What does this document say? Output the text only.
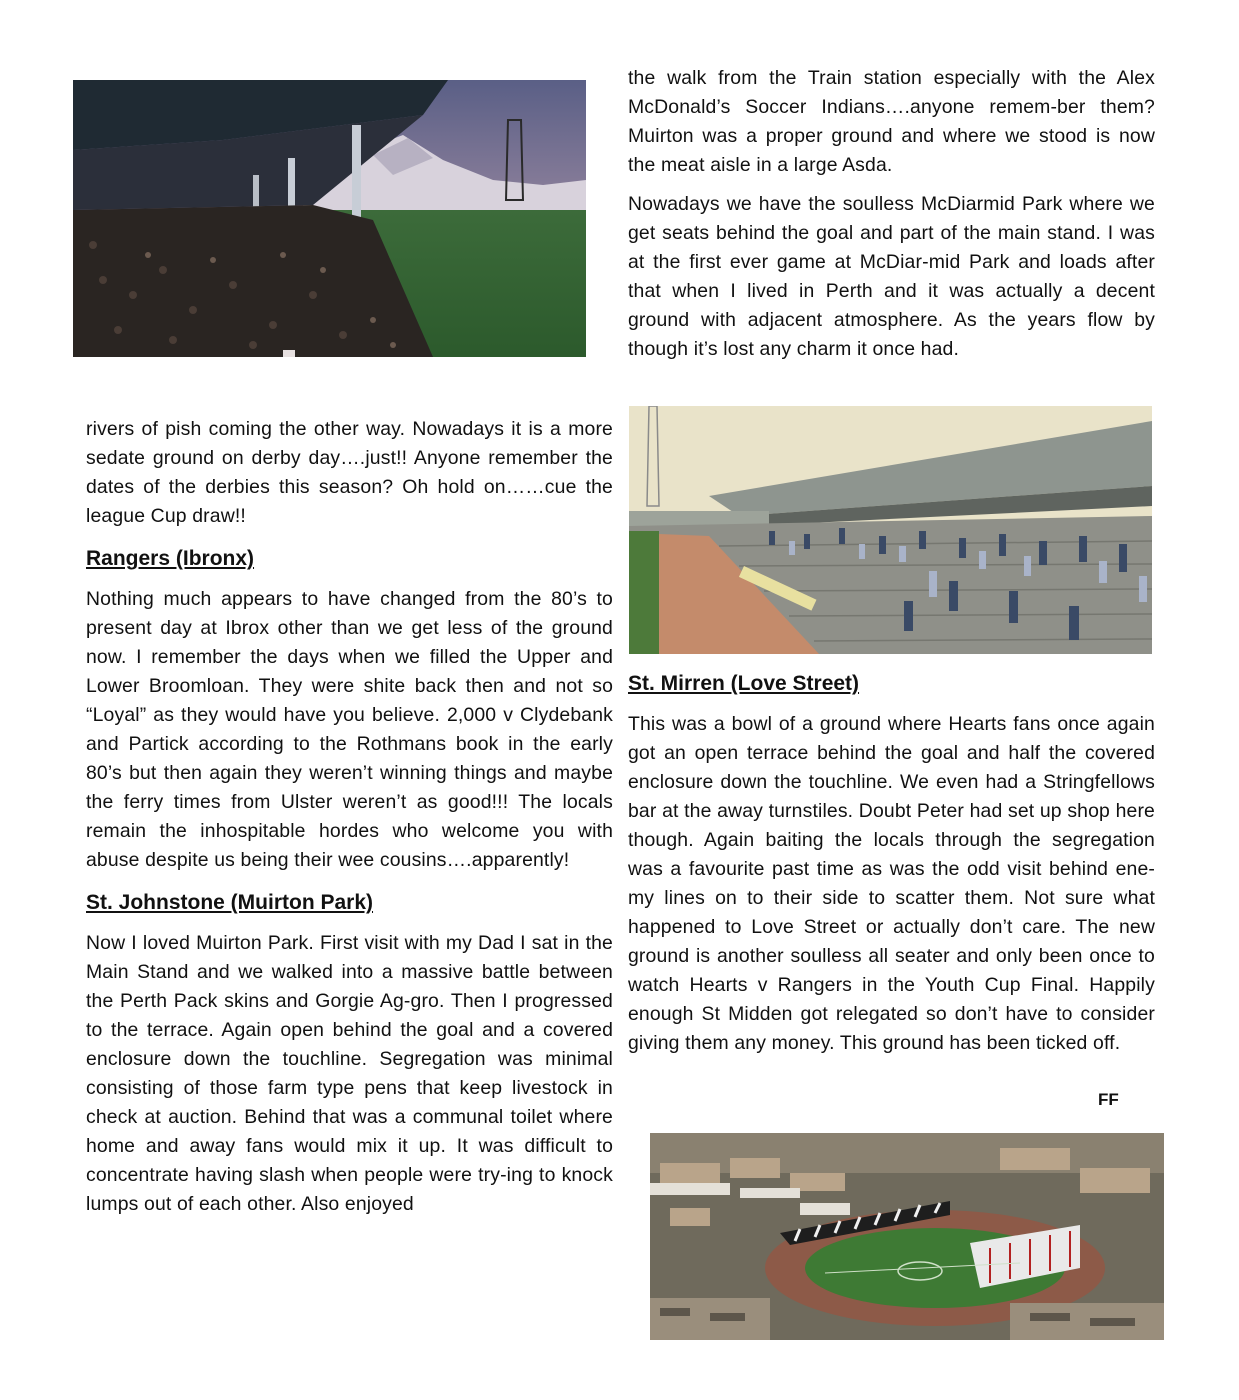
the walk from the Train station especially with the Alex McDonald’s Soccer Indians….anyone remem-ber them? Muirton was a proper ground and where we stood is now the meat aisle in a large Asda.

Nowadays we have the soulless McDiarmid Park where we get seats behind the goal and part of the main stand. I was at the first ever game at McDiar-mid Park and loads after that when I lived in Perth and it was actually a decent ground with adjacent atmosphere. As the years flow by though it’s lost any charm it once had.

rivers of pish coming the other way. Nowadays it is a more sedate ground on derby day….just!! Anyone remember the dates of the derbies this season? Oh hold on……cue the league Cup draw!!

Rangers (Ibronx)

Nothing much appears to have changed from the 80’s to present day at Ibrox other than we get less of the ground now. I remember the days when we filled the Upper and Lower Broomloan. They were shite back then and not so “Loyal” as they would have you believe. 2,000 v Clydebank and Partick according to the Rothmans book in the early 80’s but then again they weren’t winning things and maybe the ferry times from Ulster weren’t as good!!! The locals remain the inhospitable hordes who welcome you with abuse despite us being their wee cousins….apparently!

St. Johnstone (Muirton Park)

Now I loved Muirton Park. First visit with my Dad I sat in the Main Stand and we walked into a massive battle between the Perth Pack skins and Gorgie Ag-gro. Then I progressed to the terrace. Again open behind the goal and a covered enclosure down the touchline. Segregation was minimal consisting of those farm type pens that keep livestock in check at auction. Behind that was a communal toilet where home and away fans would mix it up. It was difficult to concentrate having slash when people were try-ing to knock lumps out of each other. Also enjoyed

St. Mirren (Love Street)

This was a bowl of a ground where Hearts fans once again got an open terrace behind the goal and half the covered enclosure down the touchline. We even had a Stringfellows bar at the away turnstiles. Doubt Peter had set up shop here though. Again baiting the locals through the segregation was a favourite past time as was the odd visit behind ene-my lines on to their side to scatter them. Not sure what happened to Love Street or actually don’t care. The new ground is another soulless all seater and only been once to watch Hearts v Rangers in the Youth Cup Final. Happily enough St Midden got relegated so don’t have to consider giving them any money. This ground has been ticked off.

FF
